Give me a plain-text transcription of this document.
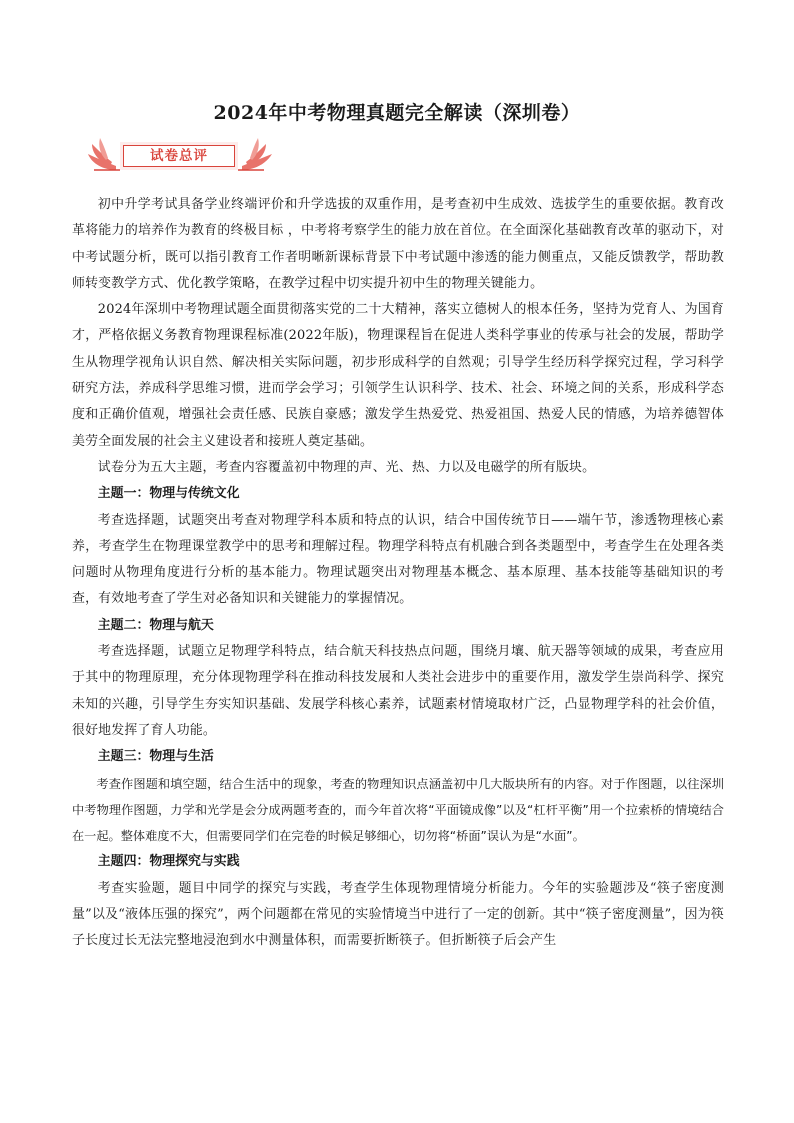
2024年中考物理真题完全解读（深圳卷）
试卷总评

初中升学考试具备学业终端评价和升学选拔的双重作用，是考查初中生成效、选拔学生的重要依据。教育改革将能力的培养作为教育的终极目标 ，中考将考察学生的能力放在首位。在全面深化基础教育改革的驱动下，对中考试题分析，既可以指引教育工作者明晰新课标背景下中考试题中渗透的能力侧重点，又能反馈教学，帮助教师转变教学方式、优化教学策略，在教学过程中切实提升初中生的物理关键能力。

2024年深圳中考物理试题全面贯彻落实党的二十大精神，落实立德树人的根本任务，坚持为党育人、为国育才，严格依据义务教育物理课程标准(2022年版)，物理课程旨在促进人类科学事业的传承与社会的发展，帮助学生从物理学视角认识自然、解决相关实际问题，初步形成科学的自然观；引导学生经历科学探究过程，学习科学研究方法，养成科学思维习惯，进而学会学习；引领学生认识科学、技术、社会、环境之间的关系，形成科学态度和正确价值观，增强社会责任感、民族自豪感；激发学生热爱党、热爱祖国、热爱人民的情感，为培养德智体美劳全面发展的社会主义建设者和接班人奠定基础。

试卷分为五大主题，考查内容覆盖初中物理的声、光、热、力以及电磁学的所有版块。

主题一：物理与传统文化

考查选择题，试题突出考查对物理学科本质和特点的认识，结合中国传统节日——端午节，渗透物理核心素养，考查学生在物理课堂教学中的思考和理解过程。物理学科特点有机融合到各类题型中，考查学生在处理各类问题时从物理角度进行分析的基本能力。物理试题突出对物理基本概念、基本原理、基本技能等基础知识的考查，有效地考查了学生对必备知识和关键能力的掌握情况。

主题二：物理与航天

考查选择题，试题立足物理学科特点，结合航天科技热点问题，围绕月壤、航天器等领域的成果，考查应用于其中的物理原理，充分体现物理学科在推动科技发展和人类社会进步中的重要作用，激发学生崇尚科学、探究未知的兴趣，引导学生夯实知识基础、发展学科核心素养，试题素材情境取材广泛，凸显物理学科的社会价值，很好地发挥了育人功能。

主题三：物理与生活

考查作图题和填空题，结合生活中的现象，考查的物理知识点涵盖初中几大版块所有的内容。对于作图题，以往深圳中考物理作图题，力学和光学是会分成两题考查的，而今年首次将“平面镜成像”以及“杠杆平衡”用一个拉索桥的情境结合在一起。整体难度不大，但需要同学们在完卷的时候足够细心，切勿将“桥面”误认为是“水面”。

主题四：物理探究与实践

考查实验题，题目中同学的探究与实践，考查学生体现物理情境分析能力。今年的实验题涉及“筷子密度测量”以及“液体压强的探究”，两个问题都在常见的实验情境当中进行了一定的创新。其中“筷子密度测量”，因为筷子长度过长无法完整地浸泡到水中测量体积，而需要折断筷子。但折断筷子后会产生
